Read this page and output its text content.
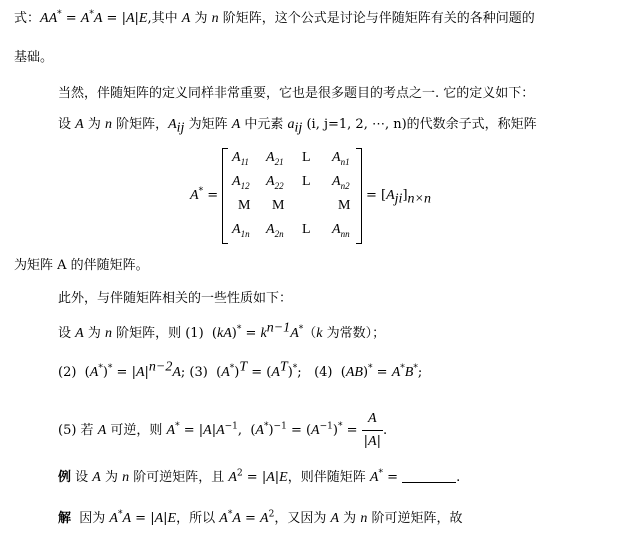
式：AA* = A*A = |A|E,其中 A 为 n 阶矩阵，这个公式是讨论与伴随矩阵有关的各种问题的
基础。
当然，伴随矩阵的定义同样非常重要，它也是很多题目的考点之一. 它的定义如下：
设 A 为 n 阶矩阵，$A_{ij}$ 为矩阵 A 中元素 $a_{ij}$ (i, j=1, 2, ⋯, n)的代数余子式，称矩阵
A* =
$A_{11}$ $A_{21}$ L $A_{n1}$
$A_{12}$ $A_{22}$ L $A_{n2}$
M M	M
$A_{1n}$ $A_{2n}$ L $A_{nn}$
= $[A_{ji}]_{n\times n}$
为矩阵 A 的伴随矩阵。
此外，与伴随矩阵相关的一些性质如下：
设 A 为 n 阶矩阵，则 (1)  $(kA)^* = k^{n-1}A^*(k$ 为常数）；
(2)  $(A^*)^* = |A|^{n-2}A$; (3)  $(A^*)^T = (A^T)^*$;   (4)  (AB)* = A*B*;
(5) 若 A 可逆，则 $A^* = |A|A^{-1}$,  $(A^*)^{-1} = (A^{-1})^* = \frac{A}{|A|}$ .
例 设 A 为 n 阶可逆矩阵，且 $A^2 = |A|E$，则伴随矩阵 A* =	.
解  因为 A*A = |A|E，所以 $A^*A = A^2$，又因为 A 为 n 阶可逆矩阵，故
